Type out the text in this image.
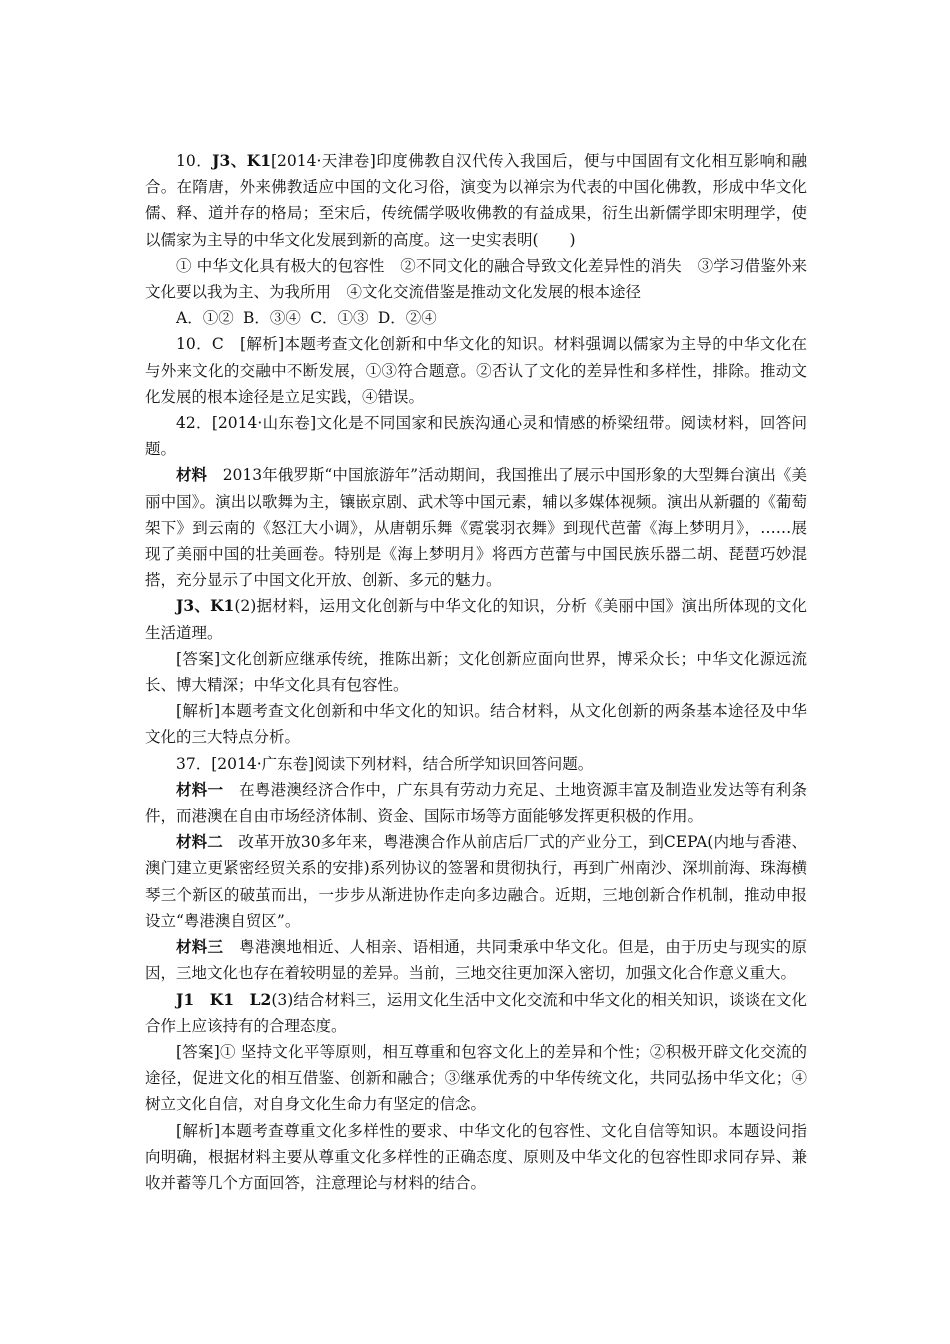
10．J3、K1[2014·天津卷]印度佛教自汉代传入我国后，便与中国固有文化相互影响和融合。在隋唐，外来佛教适应中国的文化习俗，演变为以禅宗为代表的中国化佛教，形成中华文化儒、释、道并存的格局；至宋后，传统儒学吸收佛教的有益成果，衍生出新儒学即宋明理学，使以儒家为主导的中华文化发展到新的高度。这一史实表明(　　)

① 中华文化具有极大的包容性　②不同文化的融合导致文化差异性的消失　③学习借鉴外来文化要以我为主、为我所用　④文化交流借鉴是推动文化发展的根本途径

A．①② B．③④ C．①③ D．②④

10．C　 [解析]本题考查文化创新和中华文化的知识。材料强调以儒家为主导的中华文化在与外来文化的交融中不断发展，①③符合题意。②否认了文化的差异性和多样性，排除。推动文化发展的根本途径是立足实践，④错误。

42．[2014·山东卷]文化是不同国家和民族沟通心灵和情感的桥梁纽带。阅读材料，回答问题。

材料　 2013年俄罗斯“中国旅游年”活动期间，我国推出了展示中国形象的大型舞台演出《美丽中国》。演出以歌舞为主，镶嵌京剧、武术等中国元素，辅以多媒体视频。演出从新疆的《葡萄架下》到云南的《怒江大小调》，从唐朝乐舞《霓裳羽衣舞》到现代芭蕾《海上梦明月》，……展现了美丽中国的壮美画卷。特别是《海上梦明月》将西方芭蕾与中国民族乐器二胡、琵琶巧妙混搭，充分显示了中国文化开放、创新、多元的魅力。

J3、K1(2)据材料，运用文化创新与中华文化的知识，分析《美丽中国》演出所体现的文化生活道理。

[答案]文化创新应继承传统，推陈出新；文化创新应面向世界，博采众长；中华文化源远流长、博大精深；中华文化具有包容性。

[解析]本题考查文化创新和中华文化的知识。结合材料，从文化创新的两条基本途径及中华文化的三大特点分析。

37．[2014·广东卷]阅读下列材料，结合所学知识回答问题。

材料一　 在粤港澳经济合作中，广东具有劳动力充足、土地资源丰富及制造业发达等有利条件，而港澳在自由市场经济体制、资金、国际市场等方面能够发挥更积极的作用。

材料二　 改革开放30多年来，粤港澳合作从前店后厂式的产业分工，到CEPA(内地与香港、澳门建立更紧密经贸关系的安排)系列协议的签署和贯彻执行，再到广州南沙、深圳前海、珠海横琴三个新区的破茧而出，一步步从渐进协作走向多边融合。近期，三地创新合作机制，推动申报设立“粤港澳自贸区”。

材料三　 粤港澳地相近、人相亲、语相通，共同秉承中华文化。但是，由于历史与现实的原因，三地文化也存在着较明显的差异。当前，三地交往更加深入密切，加强文化合作意义重大。

J1　K1　L2(3)结合材料三，运用文化生活中文化交流和中华文化的相关知识，谈谈在文化合作上应该持有的合理态度。

[答案]① 坚持文化平等原则，相互尊重和包容文化上的差异和个性；②积极开辟文化交流的途径，促进文化的相互借鉴、创新和融合；③继承优秀的中华传统文化，共同弘扬中华文化；④树立文化自信，对自身文化生命力有坚定的信念。

[解析]本题考查尊重文化多样性的要求、中华文化的包容性、文化自信等知识。本题设问指向明确，根据材料主要从尊重文化多样性的正确态度、原则及中华文化的包容性即求同存异、兼收并蓄等几个方面回答，注意理论与材料的结合。
